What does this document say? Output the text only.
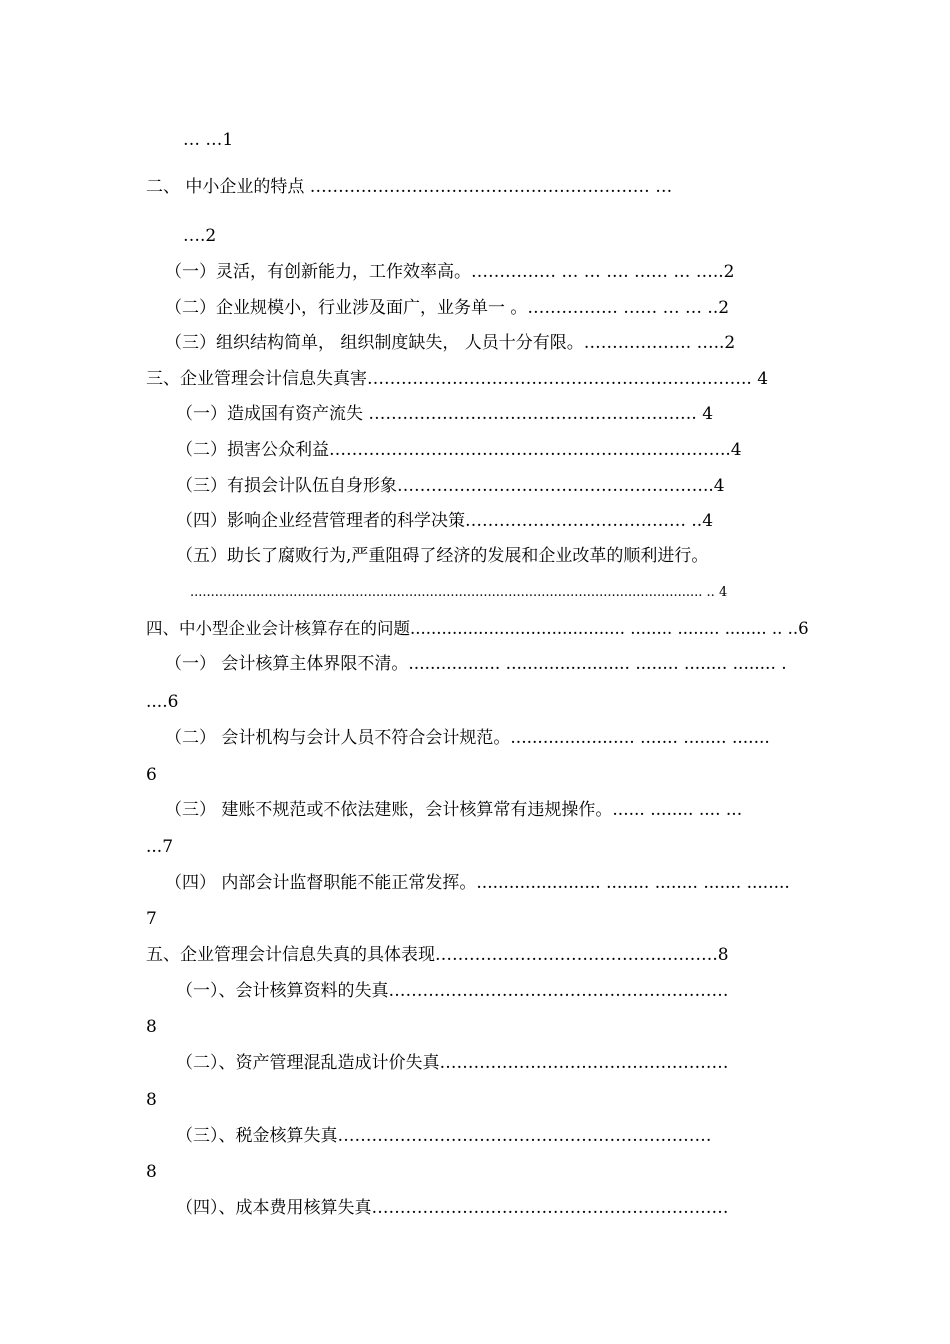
… …1
二、 中小企业的特点 …………………………………………………… …
….2
（一）灵活，有创新能力，工作效率高。…………… … … …. …… … …..2
（二）企业规模小，行业涉及面广，业务单一 。……………. …… … … ..2
（三）组织结构简单， 组织制度缺失， 人员十分有限。………………. …..2
三、企业管理会计信息失真害………………………………………………………….. 4
（一）造成国有资产流失 …………………………………………………. 4
（二）损害公众利益……………………………………………………………..4
（三）有损会计队伍自身形象………………………………………………..4
（四）影响企业经营管理者的科学决策………………………………… ..4
（五）助长了腐败行为,严重阻碍了经济的发展和企业改革的顺利进行。
............................................................................................................................ .. 4
四、中小型企业会计核算存在的问题......................................... ........ ........ ........ .. ..6
（一） 会计核算主体界限不清。................. ....................... ........ ........ ........ .
....6
（二） 会计机构与会计人员不符合会计规范。....................... ....... ........ .......
6
（三） 建账不规范或不依法建账，会计核算常有违规操作。...... ........ .... ...
...7
（四） 内部会计监督职能不能正常发挥。....................... ........ ........ ....... ........
7
五、企业管理会计信息失真的具体表现………………………………….……….8
（一）、会计核算资料的失真……………………………………………………
8
（二）、资产管理混乱造成计价失真……………………………………………
8
（三）、税金核算失真…………………………………………………………
8
（四）、成本费用核算失真………………………………………………………
